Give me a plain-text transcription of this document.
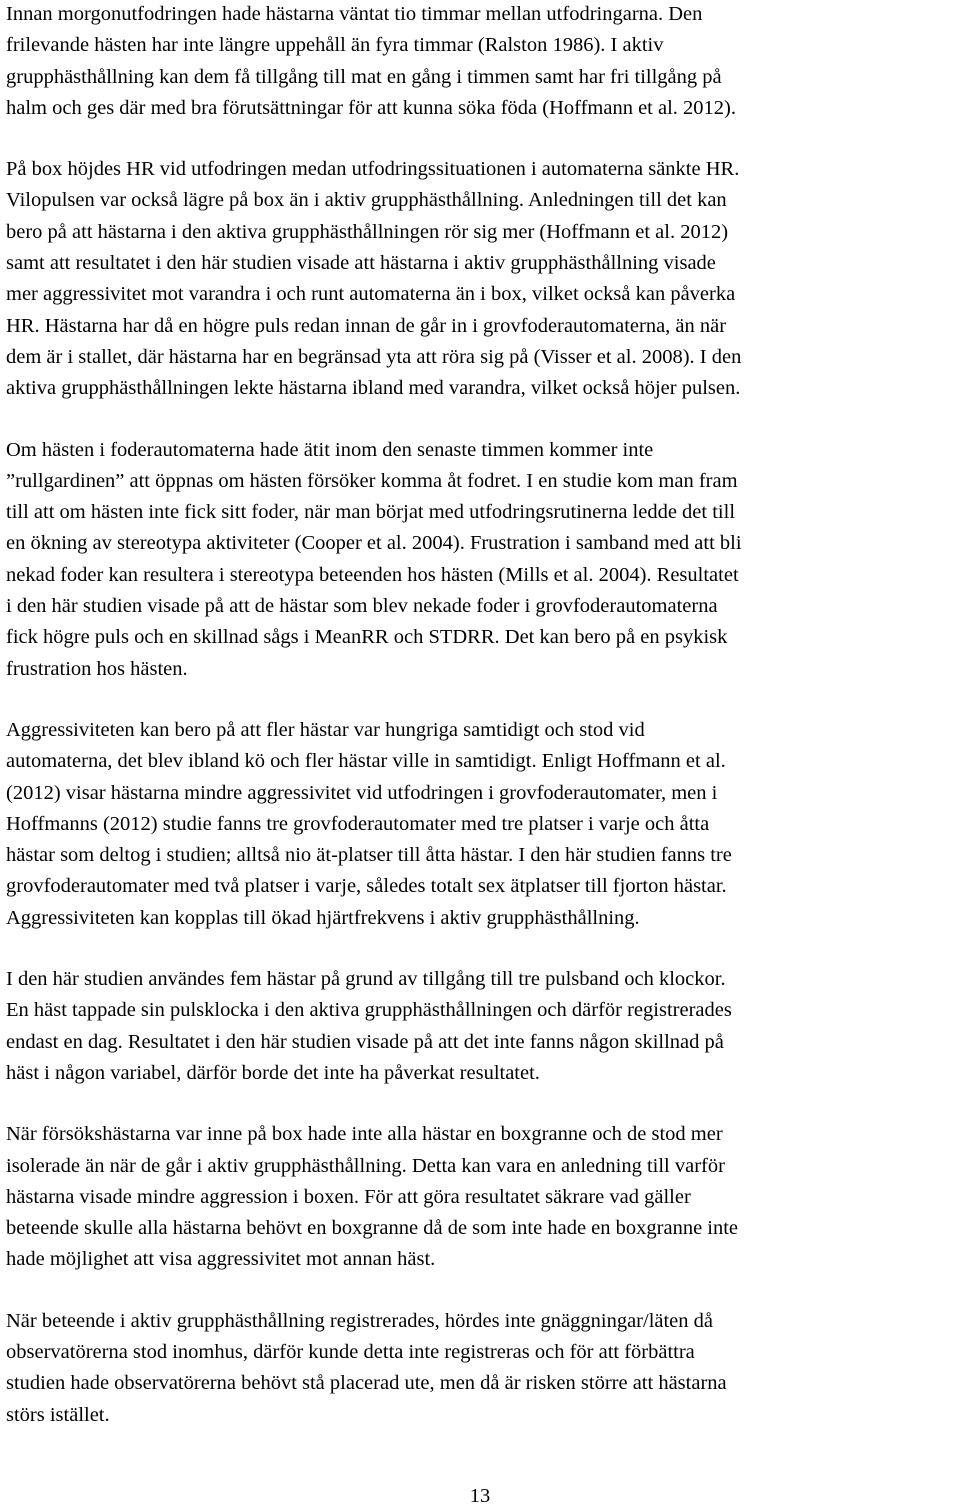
Innan morgonutfodringen hade hästarna väntat tio timmar mellan utfodringarna. Den
frilevande hästen har inte längre uppehåll än fyra timmar (Ralston 1986). I aktiv
grupphästhållning kan dem få tillgång till mat en gång i timmen samt har fri tillgång på
halm och ges där med bra förutsättningar för att kunna söka föda (Hoffmann et al. 2012).

På box höjdes HR vid utfodringen medan utfodringssituationen i automaterna sänkte HR.
Vilopulsen var också lägre på box än i aktiv grupphästhållning. Anledningen till det kan
bero på att hästarna i den aktiva grupphästhållningen rör sig mer (Hoffmann et al. 2012)
samt att resultatet i den här studien visade att hästarna i aktiv grupphästhållning visade
mer aggressivitet mot varandra i och runt automaterna än i box, vilket också kan påverka
HR. Hästarna har då en högre puls redan innan de går in i grovfoderautomaterna, än när
dem är i stallet, där hästarna har en begränsad yta att röra sig på (Visser et al. 2008). I den
aktiva grupphästhållningen lekte hästarna ibland med varandra, vilket också höjer pulsen.

Om hästen i foderautomaterna hade ätit inom den senaste timmen kommer inte
”rullgardinen” att öppnas om hästen försöker komma åt fodret. I en studie kom man fram
till att om hästen inte fick sitt foder, när man börjat med utfodringsrutinerna ledde det till
en ökning av stereotypa aktiviteter (Cooper et al. 2004). Frustration i samband med att bli
nekad foder kan resultera i stereotypa beteenden hos hästen (Mills et al. 2004). Resultatet
i den här studien visade på att de hästar som blev nekade foder i grovfoderautomaterna
fick högre puls och en skillnad sågs i MeanRR och STDRR. Det kan bero på en psykisk
frustration hos hästen.

Aggressiviteten kan bero på att fler hästar var hungriga samtidigt och stod vid
automaterna, det blev ibland kö och fler hästar ville in samtidigt. Enligt Hoffmann et al.
(2012) visar hästarna mindre aggressivitet vid utfodringen i grovfoderautomater, men i
Hoffmanns (2012) studie fanns tre grovfoderautomater med tre platser i varje och åtta
hästar som deltog i studien; alltså nio ät-platser till åtta hästar. I den här studien fanns tre
grovfoderautomater med två platser i varje, således totalt sex ätplatser till fjorton hästar.
Aggressiviteten kan kopplas till ökad hjärtfrekvens i aktiv grupphästhållning.

I den här studien användes fem hästar på grund av tillgång till tre pulsband och klockor.
En häst tappade sin pulsklocka i den aktiva grupphästhållningen och därför registrerades
endast en dag. Resultatet i den här studien visade på att det inte fanns någon skillnad på
häst i någon variabel, därför borde det inte ha påverkat resultatet.

När försökshästarna var inne på box hade inte alla hästar en boxgranne och de stod mer
isolerade än när de går i aktiv grupphästhållning. Detta kan vara en anledning till varför
hästarna visade mindre aggression i boxen. För att göra resultatet säkrare vad gäller
beteende skulle alla hästarna behövt en boxgranne då de som inte hade en boxgranne inte
hade möjlighet att visa aggressivitet mot annan häst.

När beteende i aktiv grupphästhållning registrerades, hördes inte gnäggningar/läten då
observatörerna stod inomhus, därför kunde detta inte registreras och för att förbättra
studien hade observatörerna behövt stå placerad ute, men då är risken större att hästarna
störs istället.

13
